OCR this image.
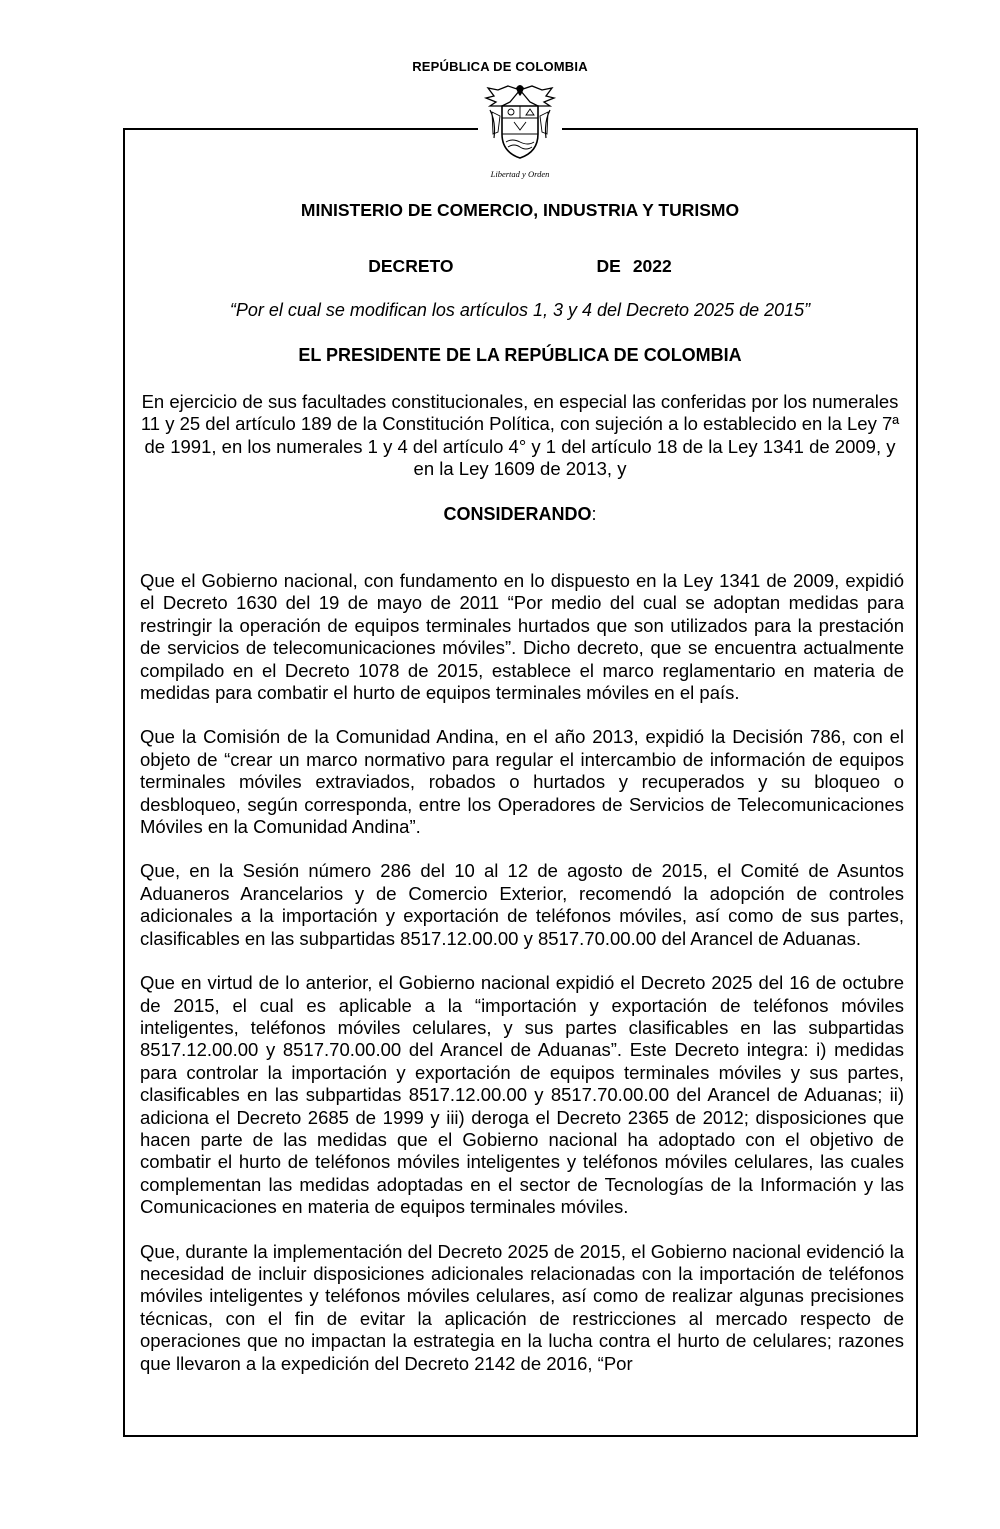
REPÚBLICA DE COLOMBIA
Libertad y Orden
MINISTERIO DE COMERCIO, INDUSTRIA Y TURISMO
DECRETO	DE 2022
“Por el cual se modifican los artículos 1, 3 y 4 del Decreto 2025 de 2015”
EL PRESIDENTE DE LA REPÚBLICA DE COLOMBIA
En ejercicio de sus facultades constitucionales, en especial las conferidas por los numerales 11 y 25 del artículo 189 de la Constitución Política, con sujeción a lo establecido en la Ley 7ª de 1991, en los numerales 1 y 4 del artículo 4° y 1 del artículo 18 de la Ley 1341 de 2009, y en la Ley 1609 de 2013, y
CONSIDERANDO:

Que el Gobierno nacional, con fundamento en lo dispuesto en la Ley 1341 de 2009, expidió el Decreto 1630 del 19 de mayo de 2011 “Por medio del cual se adoptan medidas para restringir la operación de equipos terminales hurtados que son utilizados para la prestación de servicios de telecomunicaciones móviles”. Dicho decreto, que se encuentra actualmente compilado en el Decreto 1078 de 2015, establece el marco reglamentario en materia de medidas para combatir el hurto de equipos terminales móviles en el país.

Que la Comisión de la Comunidad Andina, en el año 2013, expidió la Decisión 786, con el objeto de “crear un marco normativo para regular el intercambio de información de equipos terminales móviles extraviados, robados o hurtados y recuperados y su bloqueo o desbloqueo, según corresponda, entre los Operadores de Servicios de Telecomunicaciones Móviles en la Comunidad Andina”.

Que, en la Sesión número 286 del 10 al 12 de agosto de 2015, el Comité de Asuntos Aduaneros Arancelarios y de Comercio Exterior, recomendó la adopción de controles adicionales a la importación y exportación de teléfonos móviles, así como de sus partes, clasificables en las subpartidas 8517.12.00.00 y 8517.70.00.00 del Arancel de Aduanas.

Que en virtud de lo anterior, el Gobierno nacional expidió el Decreto 2025 del 16 de octubre de 2015, el cual es aplicable a la “importación y exportación de teléfonos móviles inteligentes, teléfonos móviles celulares, y sus partes clasificables en las subpartidas 8517.12.00.00 y 8517.70.00.00 del Arancel de Aduanas”. Este Decreto integra: i) medidas para controlar la importación y exportación de equipos terminales móviles y sus partes, clasificables en las subpartidas 8517.12.00.00 y 8517.70.00.00 del Arancel de Aduanas; ii) adiciona el Decreto 2685 de 1999 y iii) deroga el Decreto 2365 de 2012; disposiciones que hacen parte de las medidas que el Gobierno nacional ha adoptado con el objetivo de combatir el hurto de teléfonos móviles inteligentes y teléfonos móviles celulares, las cuales complementan las medidas adoptadas en el sector de Tecnologías de la Información y las Comunicaciones en materia de equipos terminales móviles.

Que, durante la implementación del Decreto 2025 de 2015, el Gobierno nacional evidenció la necesidad de incluir disposiciones adicionales relacionadas con la importación de teléfonos móviles inteligentes y teléfonos móviles celulares, así como de realizar algunas precisiones técnicas, con el fin de evitar la aplicación de restricciones al mercado respecto de operaciones que no impactan la estrategia en la lucha contra el hurto de celulares; razones que llevaron a la expedición del Decreto 2142 de 2016, “Por
